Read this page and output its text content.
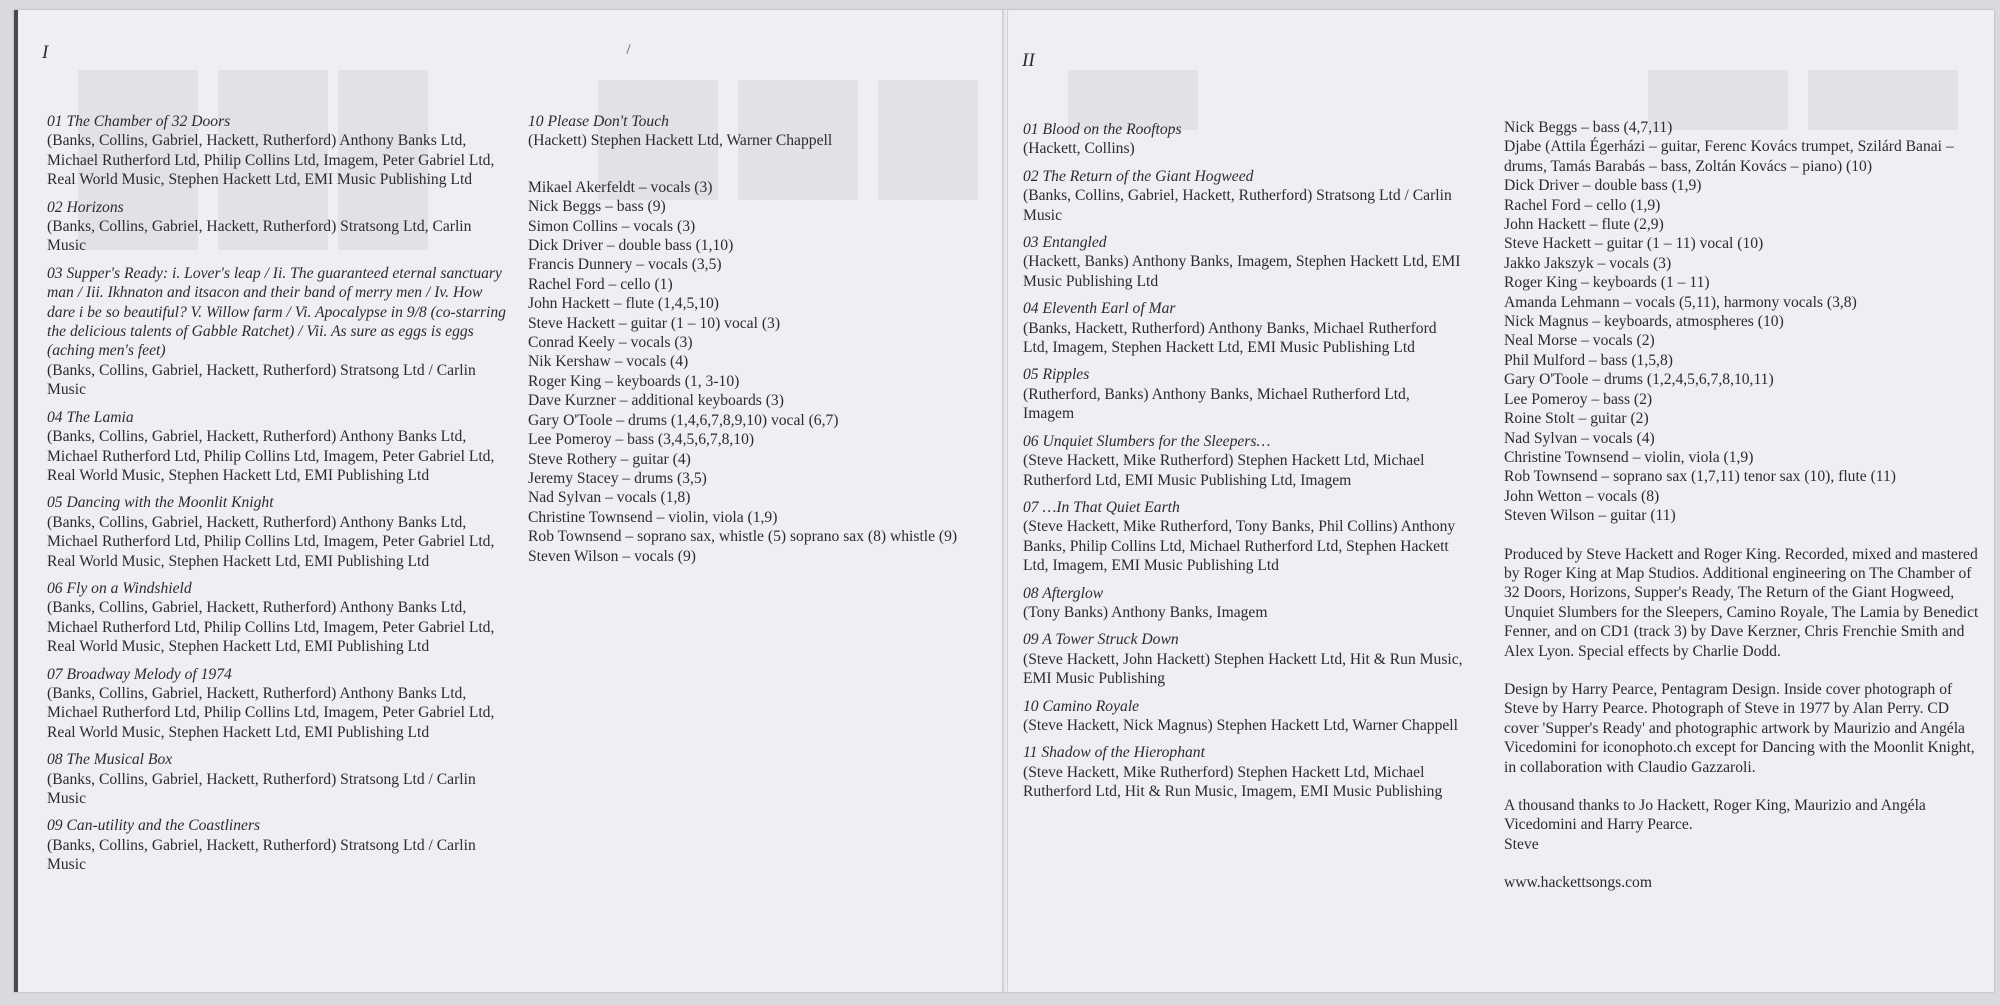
I	II
01 The Chamber of 32 Doors
(Banks, Collins, Gabriel, Hackett, Rutherford) Anthony Banks Ltd, Michael Rutherford Ltd, Philip Collins Ltd, Imagem, Peter Gabriel Ltd, Real World Music, Stephen Hackett Ltd, EMI Music Publishing Ltd
02 Horizons
(Banks, Collins, Gabriel, Hackett, Rutherford) Stratsong Ltd, Carlin Music
03 Supper's Ready: i. Lover's leap / Ii. The guaranteed eternal sanctuary man / Iii. Ikhnaton and itsacon and their band of merry men / Iv. How dare i be so beautiful? V. Willow farm / Vi. Apocalypse in 9/8 (co-starring the delicious talents of Gabble Ratchet) / Vii. As sure as eggs is eggs (aching men's feet)
(Banks, Collins, Gabriel, Hackett, Rutherford) Stratsong Ltd / Carlin Music
04 The Lamia
(Banks, Collins, Gabriel, Hackett, Rutherford) Anthony Banks Ltd, Michael Rutherford Ltd, Philip Collins Ltd, Imagem, Peter Gabriel Ltd, Real World Music, Stephen Hackett Ltd, EMI Publishing Ltd
05 Dancing with the Moonlit Knight
(Banks, Collins, Gabriel, Hackett, Rutherford) Anthony Banks Ltd, Michael Rutherford Ltd, Philip Collins Ltd, Imagem, Peter Gabriel Ltd, Real World Music, Stephen Hackett Ltd, EMI Publishing Ltd
06 Fly on a Windshield
(Banks, Collins, Gabriel, Hackett, Rutherford) Anthony Banks Ltd, Michael Rutherford Ltd, Philip Collins Ltd, Imagem, Peter Gabriel Ltd, Real World Music, Stephen Hackett Ltd, EMI Publishing Ltd
07 Broadway Melody of 1974
(Banks, Collins, Gabriel, Hackett, Rutherford) Anthony Banks Ltd, Michael Rutherford Ltd, Philip Collins Ltd, Imagem, Peter Gabriel Ltd, Real World Music, Stephen Hackett Ltd, EMI Publishing Ltd
08 The Musical Box
(Banks, Collins, Gabriel, Hackett, Rutherford) Stratsong Ltd / Carlin Music
09 Can-utility and the Coastliners
(Banks, Collins, Gabriel, Hackett, Rutherford) Stratsong Ltd / Carlin Music
10 Please Don't Touch
(Hackett) Stephen Hackett Ltd, Warner Chappell
Mikael Akerfeldt – vocals (3)
Nick Beggs – bass (9)
Simon Collins – vocals (3)
Dick Driver – double bass (1,10)
Francis Dunnery – vocals (3,5)
Rachel Ford – cello (1)
John Hackett – flute (1,4,5,10)
Steve Hackett – guitar (1 – 10) vocal (3)
Conrad Keely – vocals (3)
Nik Kershaw – vocals (4)
Roger King – keyboards (1, 3-10)
Dave Kurzner – additional keyboards (3)
Gary O'Toole – drums (1,4,6,7,8,9,10) vocal (6,7)
Lee Pomeroy – bass (3,4,5,6,7,8,10)
Steve Rothery – guitar (4)
Jeremy Stacey – drums (3,5)
Nad Sylvan – vocals (1,8)
Christine Townsend – violin, viola (1,9)
Rob Townsend – soprano sax, whistle (5) soprano sax (8) whistle (9)
Steven Wilson – vocals (9)
01 Blood on the Rooftops
(Hackett, Collins)
02 The Return of the Giant Hogweed
(Banks, Collins, Gabriel, Hackett, Rutherford) Stratsong Ltd / Carlin Music
03 Entangled
(Hackett, Banks) Anthony Banks, Imagem, Stephen Hackett Ltd, EMI Music Publishing Ltd
04 Eleventh Earl of Mar
(Banks, Hackett, Rutherford) Anthony Banks, Michael Rutherford Ltd, Imagem, Stephen Hackett Ltd, EMI Music Publishing Ltd
05 Ripples
(Rutherford, Banks) Anthony Banks, Michael Rutherford Ltd, Imagem
06 Unquiet Slumbers for the Sleepers…
(Steve Hackett, Mike Rutherford) Stephen Hackett Ltd, Michael Rutherford Ltd, EMI Music Publishing Ltd, Imagem
07 …In That Quiet Earth
(Steve Hackett, Mike Rutherford, Tony Banks, Phil Collins) Anthony Banks, Philip Collins Ltd, Michael Rutherford Ltd, Stephen Hackett Ltd, Imagem, EMI Music Publishing Ltd
08 Afterglow
(Tony Banks) Anthony Banks, Imagem
09 A Tower Struck Down
(Steve Hackett, John Hackett) Stephen Hackett Ltd, Hit & Run Music, EMI Music Publishing
10 Camino Royale
(Steve Hackett, Nick Magnus) Stephen Hackett Ltd, Warner Chappell
11 Shadow of the Hierophant
(Steve Hackett, Mike Rutherford) Stephen Hackett Ltd, Michael Rutherford Ltd, Hit & Run Music, Imagem, EMI Music Publishing
Nick Beggs – bass (4,7,11)
Djabe (Attila Égerházi – guitar, Ferenc Kovács trumpet, Szilárd Banai – drums, Tamás Barabás – bass, Zoltán Kovács – piano) (10)
Dick Driver – double bass (1,9)
Rachel Ford – cello (1,9)
John Hackett – flute (2,9)
Steve Hackett – guitar (1 – 11) vocal (10)
Jakko Jakszyk – vocals (3)
Roger King – keyboards (1 – 11)
Amanda Lehmann – vocals (5,11), harmony vocals (3,8)
Nick Magnus – keyboards, atmospheres (10)
Neal Morse – vocals (2)
Phil Mulford – bass (1,5,8)
Gary O'Toole – drums (1,2,4,5,6,7,8,10,11)
Lee Pomeroy – bass (2)
Roine Stolt – guitar (2)
Nad Sylvan – vocals (4)
Christine Townsend – violin, viola (1,9)
Rob Townsend – soprano sax (1,7,11) tenor sax (10), flute (11)
John Wetton – vocals (8)
Steven Wilson – guitar (11)
Produced by Steve Hackett and Roger King. Recorded, mixed and mastered by Roger King at Map Studios. Additional engineering on The Chamber of 32 Doors, Horizons, Supper's Ready, The Return of the Giant Hogweed, Unquiet Slumbers for the Sleepers, Camino Royale, The Lamia by Benedict Fenner, and on CD1 (track 3) by Dave Kerzner, Chris Frenchie Smith and Alex Lyon. Special effects by Charlie Dodd.
Design by Harry Pearce, Pentagram Design. Inside cover photograph of Steve by Harry Pearce. Photograph of Steve in 1977 by Alan Perry. CD cover 'Supper's Ready' and photographic artwork by Maurizio and Angéla Vicedomini for iconophoto.ch except for Dancing with the Moonlit Knight, in collaboration with Claudio Gazzaroli.
A thousand thanks to Jo Hackett, Roger King, Maurizio and Angéla Vicedomini and Harry Pearce.
Steve
www.hackettsongs.com
